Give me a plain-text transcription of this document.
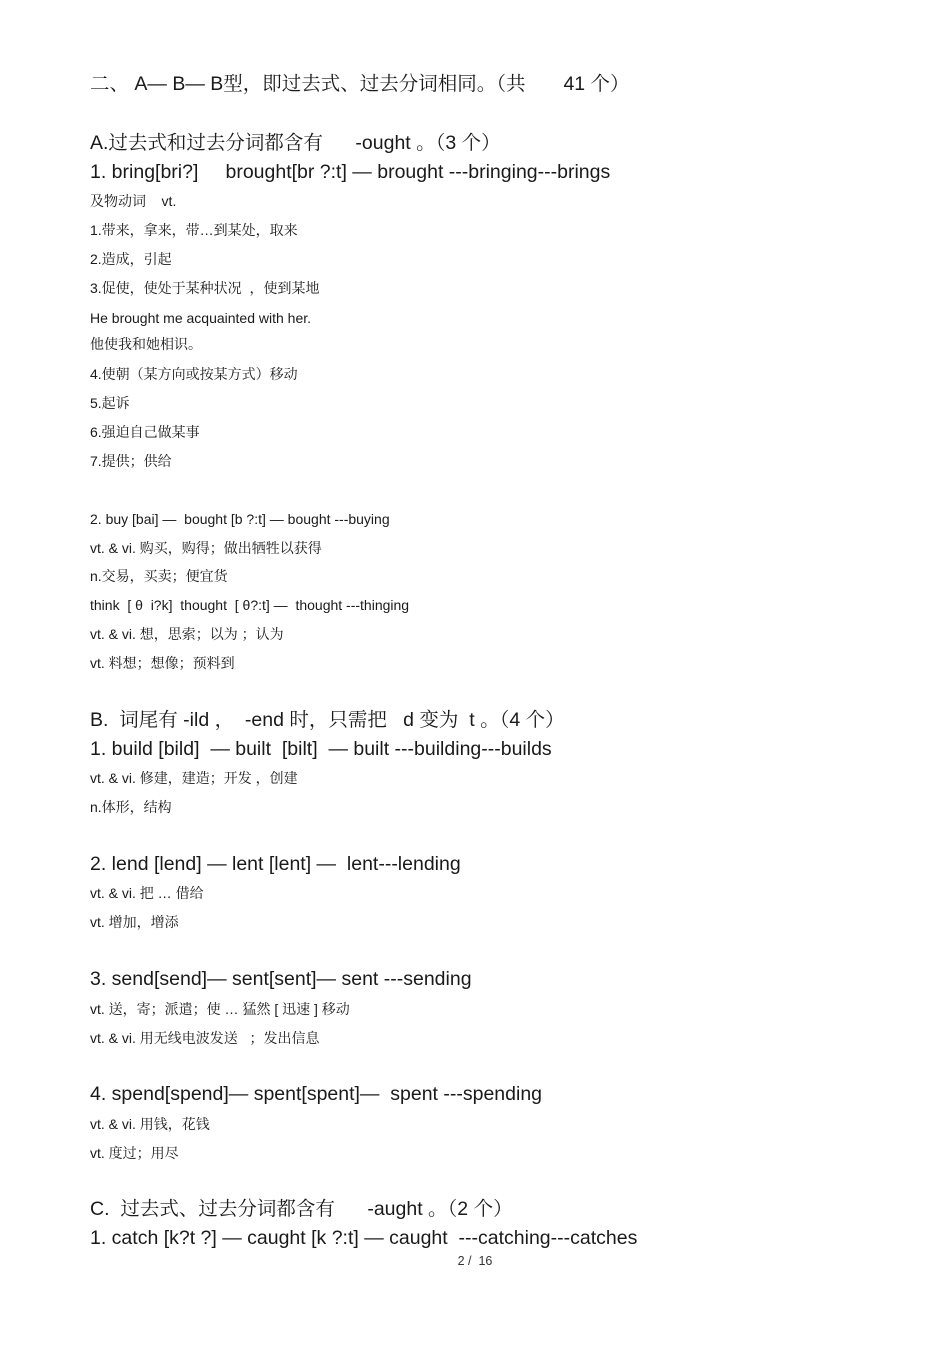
二、 A— B— B型，即过去式、过去分词相同。（共       41 个）
A.过去式和过去分词都含有      -ought 。（3 个）
1. bring[bri?]     brought[br ?:t] — brought ---bringing---brings
及物动词    vt.
1.带来，拿来，带…到某处，取来
2.造成，引起
3.促使，使处于某种状况  ，使到某地
He brought me acquainted with her.
他使我和她相识。
4.使朝（某方向或按某方式）移动
5.起诉
6.强迫自己做某事
7.提供；供给
2. buy [bai] —  bought [b ?:t] — bought ---buying
vt. & vi. 购买，购得；做出牺牲以获得
n.交易，买卖；便宜货
think  [ θ  i?k]  thought  [ θ?:t] —  thought ---thinging
vt. & vi. 想，思索；以为 ；认为
vt. 料想；想像；预料到
B.  词尾有 -ild ，  -end 时，只需把   d 变为  t 。（4 个）
1. build [bild]  — built  [bilt]  — built ---building---builds
vt. & vi. 修建，建造；开发 ，创建
n.体形，结构
2. lend [lend] — lent [lent] —  lent---lending
vt. & vi. 把 … 借给
vt. 增加，增添
3. send[send]— sent[sent]— sent ---sending
vt. 送，寄；派遣；使 … 猛然 [ 迅速 ] 移动
vt. & vi. 用无线电波发送   ；发出信息
4. spend[spend]— spent[spent]—  spent ---spending
vt. & vi. 用钱，花钱
vt. 度过；用尽
C.  过去式、过去分词都含有      -aught 。（2 个）
1. catch [k?t ?] — caught [k ?:t] — caught  ---catching---catches
2 /  16
